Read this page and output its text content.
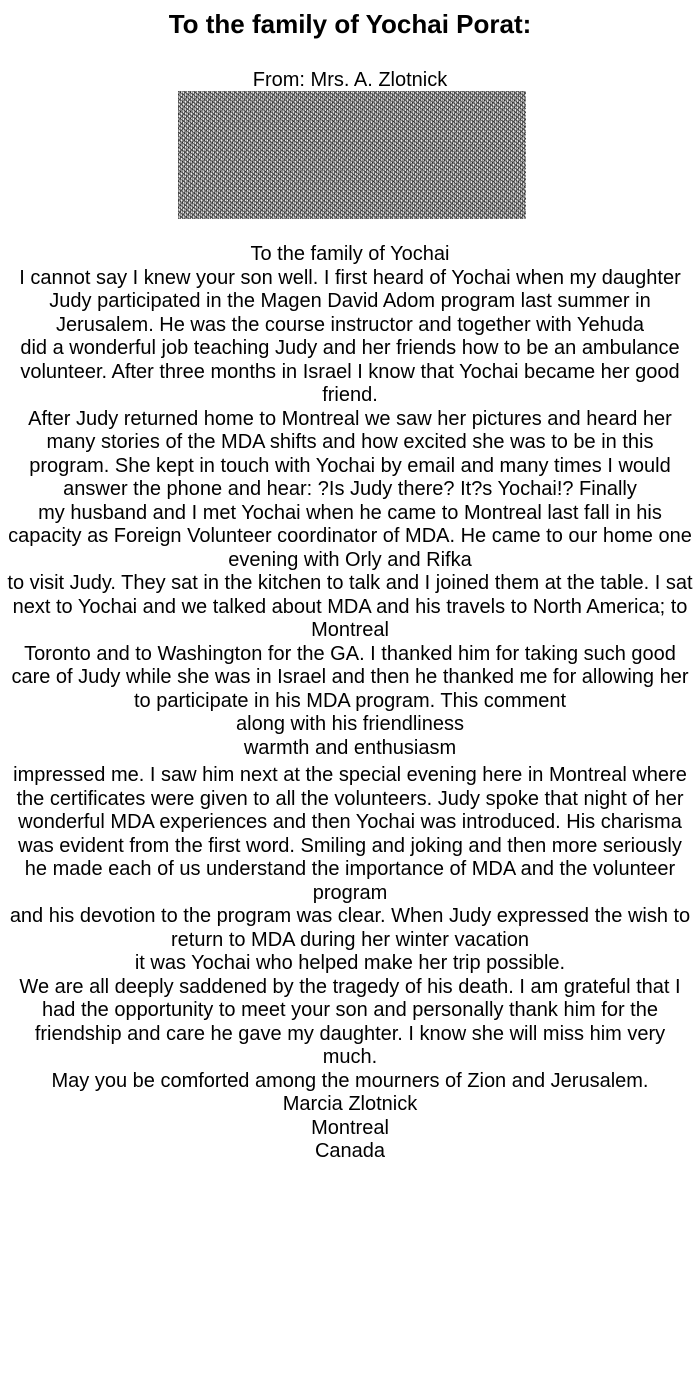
To the family of Yochai Porat:
From: Mrs. A. Zlotnick

To the family of Yochai

I cannot say I knew your son well. I first heard of Yochai when my daughter Judy participated in the Magen David Adom program last summer in Jerusalem. He was the course instructor and together with Yehuda

did a wonderful job teaching Judy and her friends how to be an ambulance volunteer. After three months in Israel I know that Yochai became her good friend.

After Judy returned home to Montreal we saw her pictures and heard her many stories of the MDA shifts and how excited she was to be in this program. She kept in touch with Yochai by email and many times I would answer the phone and hear: ?Is Judy there? It?s Yochai!? Finally

my husband and I met Yochai when he came to Montreal last fall in his capacity as Foreign Volunteer coordinator of MDA. He came to our home one evening with Orly and Rifka

to visit Judy. They sat in the kitchen to talk and I joined them at the table. I sat next to Yochai and we talked about MDA and his travels to North America; to Montreal

Toronto and to Washington for the GA. I thanked him for taking such good care of Judy while she was in Israel and then he thanked me for allowing her to participate in his MDA program. This comment

along with his friendliness

warmth and enthusiasm

impressed me. I saw him next at the special evening here in Montreal where the certificates were given to all the volunteers. Judy spoke that night of her wonderful MDA experiences and then Yochai was introduced. His charisma was evident from the first word. Smiling and joking and then more seriously

he made each of us understand the importance of MDA and the volunteer program

and his devotion to the program was clear. When Judy expressed the wish to return to MDA during her winter vacation

it was Yochai who helped make her trip possible.

We are all deeply saddened by the tragedy of his death. I am grateful that I had the opportunity to meet your son and personally thank him for the friendship and care he gave my daughter. I know she will miss him very much.

May you be comforted among the mourners of Zion and Jerusalem.

Marcia Zlotnick

Montreal

Canada
